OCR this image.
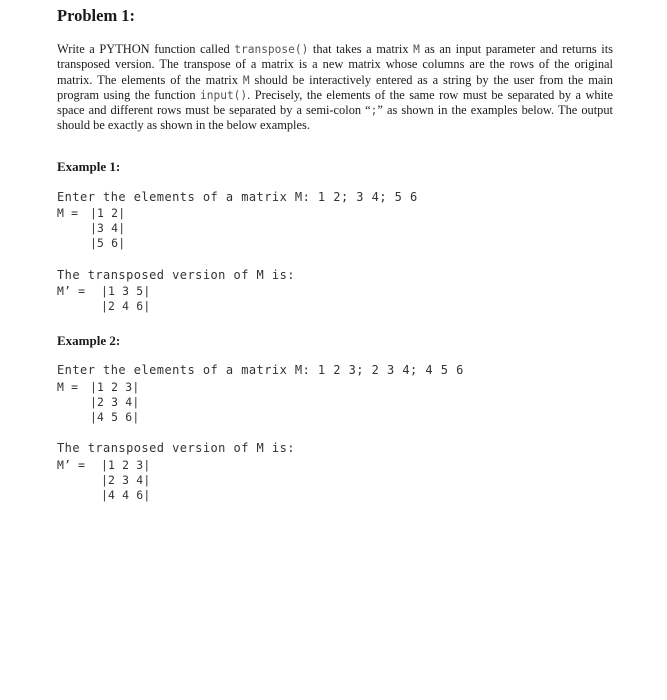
Problem 1:
Write a PYTHON function called transpose() that takes a matrix M as an input parameter and returns its transposed version. The transpose of a matrix is a new matrix whose columns are the rows of the original matrix. The elements of the matrix M should be interactively entered as a string by the user from the main program using the function input(). Precisely, the elements of the same row must be separated by a white space and different rows must be separated by a semi-colon “;” as shown in the examples below. The output should be exactly as shown in the below examples.
Example 1:
Enter the elements of a matrix M: 1 2; 3 4; 5 6
M = |1 2|
|3 4|
|5 6|
The transposed version of M is:
M’ = |1 3 5|
|2 4 6|
Example 2:
Enter the elements of a matrix M: 1 2 3; 2 3 4; 4 5 6
M = |1 2 3|
|2 3 4|
|4 5 6|
The transposed version of M is:
M’ = |1 2 3|
|2 3 4|
|4 4 6|
